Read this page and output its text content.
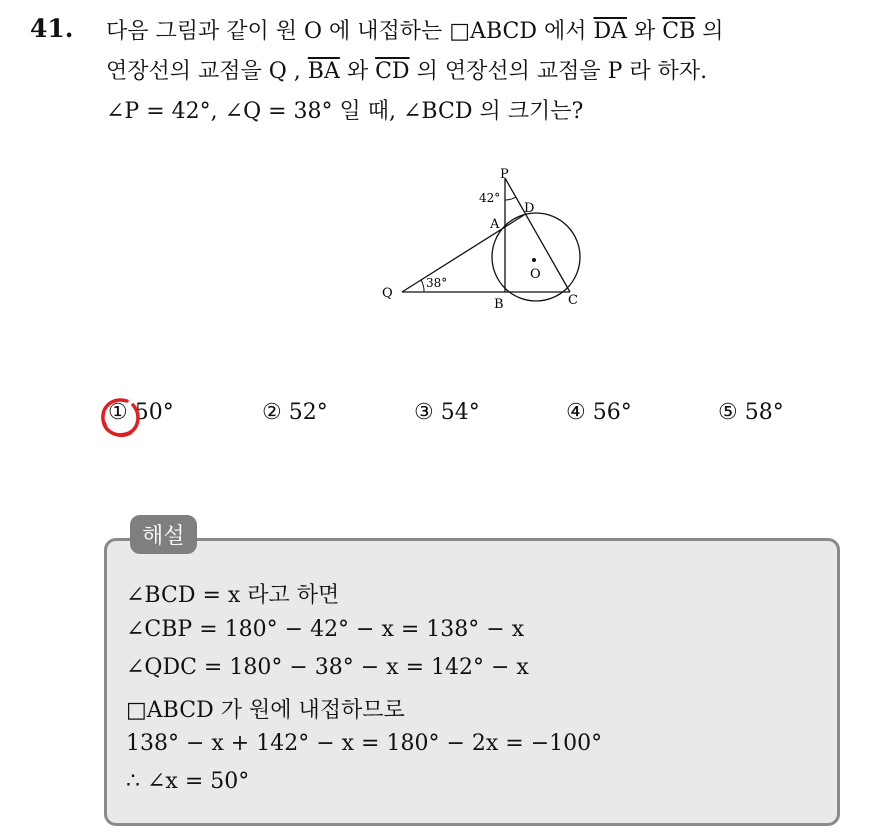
41. 다음 그림과 같이 원 O 에 내접하는 □ABCD 에서 $\overline{DA}$ 와 $\overline{CB}$ 의
연장선의 교점을 Q , $\overline{BA}$ 와 $\overline{CD}$ 의 연장선의 교점을 P 라 하자.
∠P = 42°, ∠Q = 38° 일 때, ∠BCD 의 크기는?
P
D
A
O
Q
B	C
42°
38°
① 50°	② 52°	③ 54°	④ 56°	⑤ 58°
해설
∠BCD = x 라고 하면
∠CBP = 180° − 42° − x = 138° − x
∠QDC = 180° − 38° − x = 142° − x
□ABCD 가 원에 내접하므로
138° − x + 142° − x = 180° − 2x = −100°
∴ ∠x = 50°
